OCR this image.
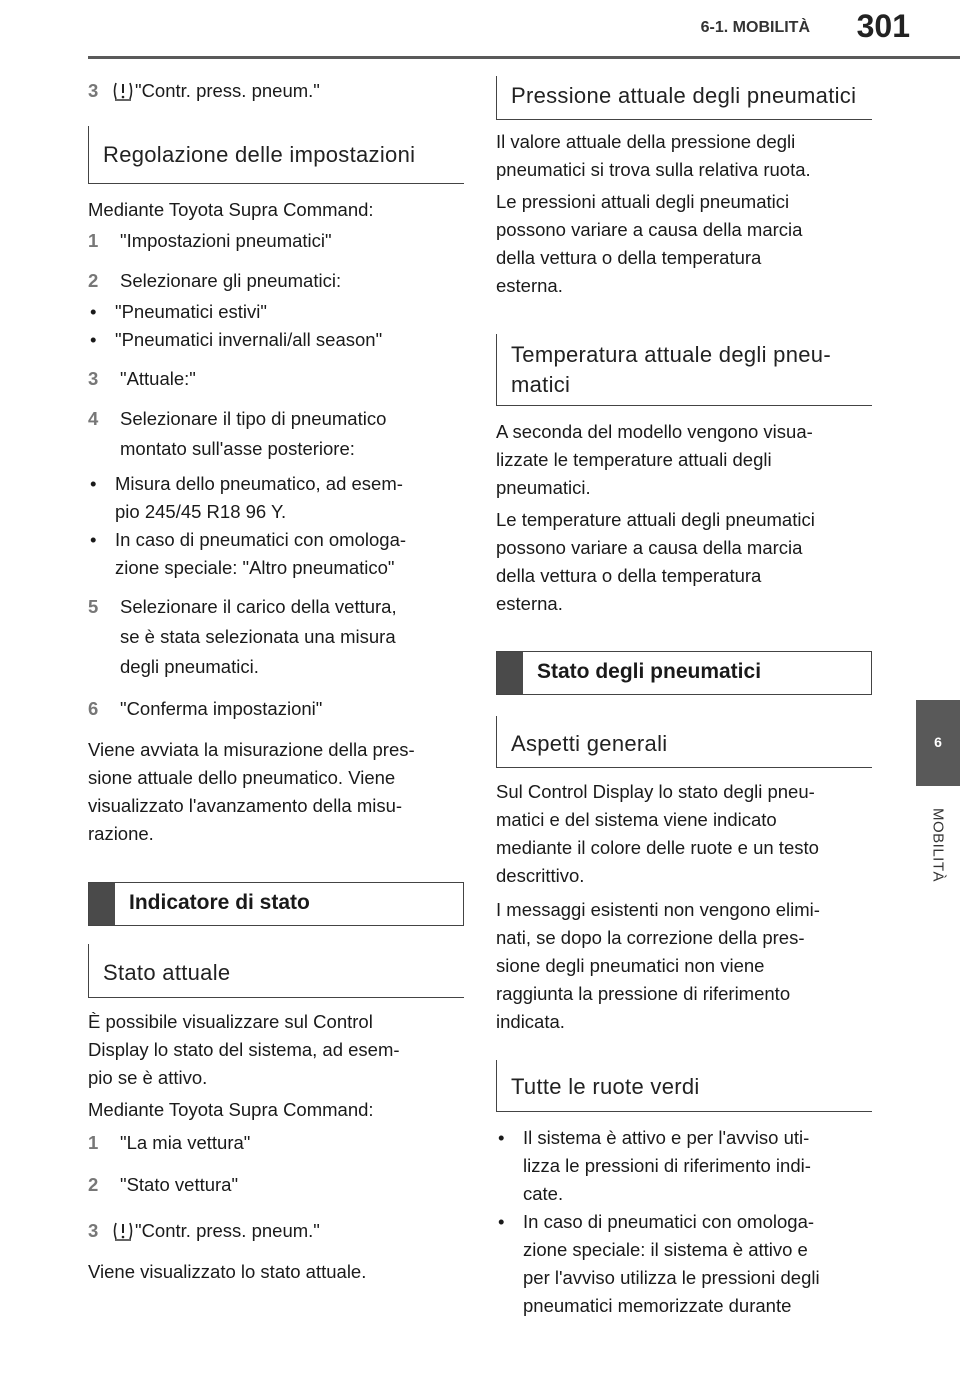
6-1. MOBILITÀ	301
6
MOBILITÀ
3	"Contr. press. pneum."
Regolazione delle impostazioni

Mediante Toyota Supra Command:

1 "Impostazioni pneumatici"
2 Selezionare gli pneumatici:
• "Pneumatici estivi"
• "Pneumatici invernali/all season"
3 "Attuale:"
4 Selezionare il tipo di pneumatico
montato sull'asse posteriore:
• Misura dello pneumatico, ad esem-
pio 245/45 R18 96 Y.
• In caso di pneumatici con omologa-
zione speciale: "Altro pneumatico"
5 Selezionare il carico della vettura,
se è stata selezionata una misura
degli pneumatici.
6 "Conferma impostazioni"

Viene avviata la misurazione della pres-

sione attuale dello pneumatico. Viene

visualizzato l'avanzamento della misu-

razione.

Indicatore di stato
Stato attuale

È possibile visualizzare sul Control

Display lo stato del sistema, ad esem-

pio se è attivo.

Mediante Toyota Supra Command:

1 "La mia vettura"
2 "Stato vettura"
3	"Contr. press. pneum."

Viene visualizzato lo stato attuale.

Pressione attuale degli pneumatici

Il valore attuale della pressione degli

pneumatici si trova sulla relativa ruota.

Le pressioni attuali degli pneumatici

possono variare a causa della marcia

della vettura o della temperatura

esterna.

Temperatura attuale degli pneu-
matici

A seconda del modello vengono visua-

lizzate le temperature attuali degli

pneumatici.

Le temperature attuali degli pneumatici

possono variare a causa della marcia

della vettura o della temperatura

esterna.

Stato degli pneumatici
Aspetti generali

Sul Control Display lo stato degli pneu-

matici e del sistema viene indicato

mediante il colore delle ruote e un testo

descrittivo.

I messaggi esistenti non vengono elimi-

nati, se dopo la correzione della pres-

sione degli pneumatici non viene

raggiunta la pressione di riferimento

indicata.

Tutte le ruote verdi
• Il sistema è attivo e per l'avviso uti-
lizza le pressioni di riferimento indi-
cate.
• In caso di pneumatici con omologa-
zione speciale: il sistema è attivo e
per l'avviso utilizza le pressioni degli
pneumatici memorizzate durante
